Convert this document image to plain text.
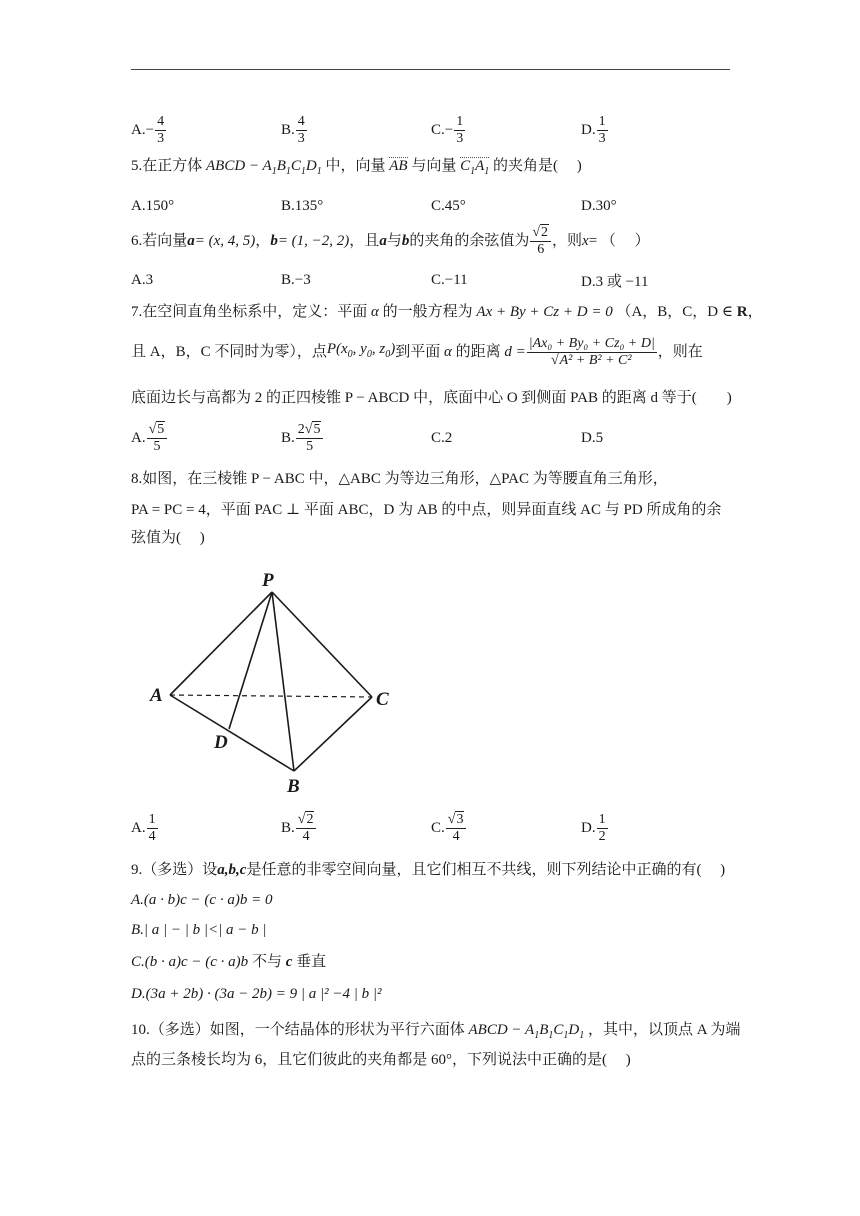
A. − $\frac{4}{3}$	B. $\frac{4}{3}$	C. − $\frac{1}{3}$	D. $\frac{1}{3}$
5.在正方体 ABCD − $A_1B_1C_1D_1$ 中，向量 AB 与向量 $C_1A_1$ 的夹角是(　 )
A.150°	B.135°	C.45°	D.30°
6.若向量 a = (x, 4, 5) ， b = (1, −2, 2) ，且 a 与 b 的夹角的余弦值为 $\frac{√2}{6}$ ，则 x = （　 ）
A.3	B.−3	C.−11	D.3 或 −11
7.在空间直角坐标系中，定义：平面 α 的一般方程为 Ax + By + Cz + D = 0 （A，B，C，D ∈ R，
且 A，B，C 不同时为零），点 $P(x_0$, $y_0$, $z_0$) 到平面 α 的距离 $d = \frac{\text{|Ax₀ + By₀ + Cz₀ + D|}}{\text{√A² + B² + C²}}$ ，则在
底面边长与高都为 2 的正四棱锥 P − ABCD 中，底面中心 O 到侧面 PAB 的距离 d 等于(　　)
A. $\frac{√5}{5}$	B. $\frac{2√5}{5}$	C.2	D.5
8.如图，在三棱锥 P − ABC 中，△ABC 为等边三角形，△PAC 为等腰直角三角形，
PA = PC = 4，平面 PAC ⊥ 平面 ABC，D 为 AB 的中点，则异面直线 AC 与 PD 所成角的余
弦值为(　 )
P
A	C
D
B
A. $\frac{1}{4}$	B. $\frac{√2}{4}$	C. $\frac{√3}{4}$	D. $\frac{1}{2}$
9.（多选）设a,b,c是任意的非零空间向量，且它们相互不共线，则下列结论中正确的有(　 )
A.(a · b)c − (c · a)b = 0
B.| a | − | b |<| a − b |
C.(b · a)c − (c · a)b 不与 c 垂直
D.(3a + 2b) · (3a − 2b) = 9 | a |² −4 | b |²
10.（多选）如图，一个结晶体的形状为平行六面体 ABCD − $A_1B_1C_1D_1$ ，其中，以顶点 A 为端
点的三条棱长均为 6，且它们彼此的夹角都是 60°，下列说法中正确的是(　 )
